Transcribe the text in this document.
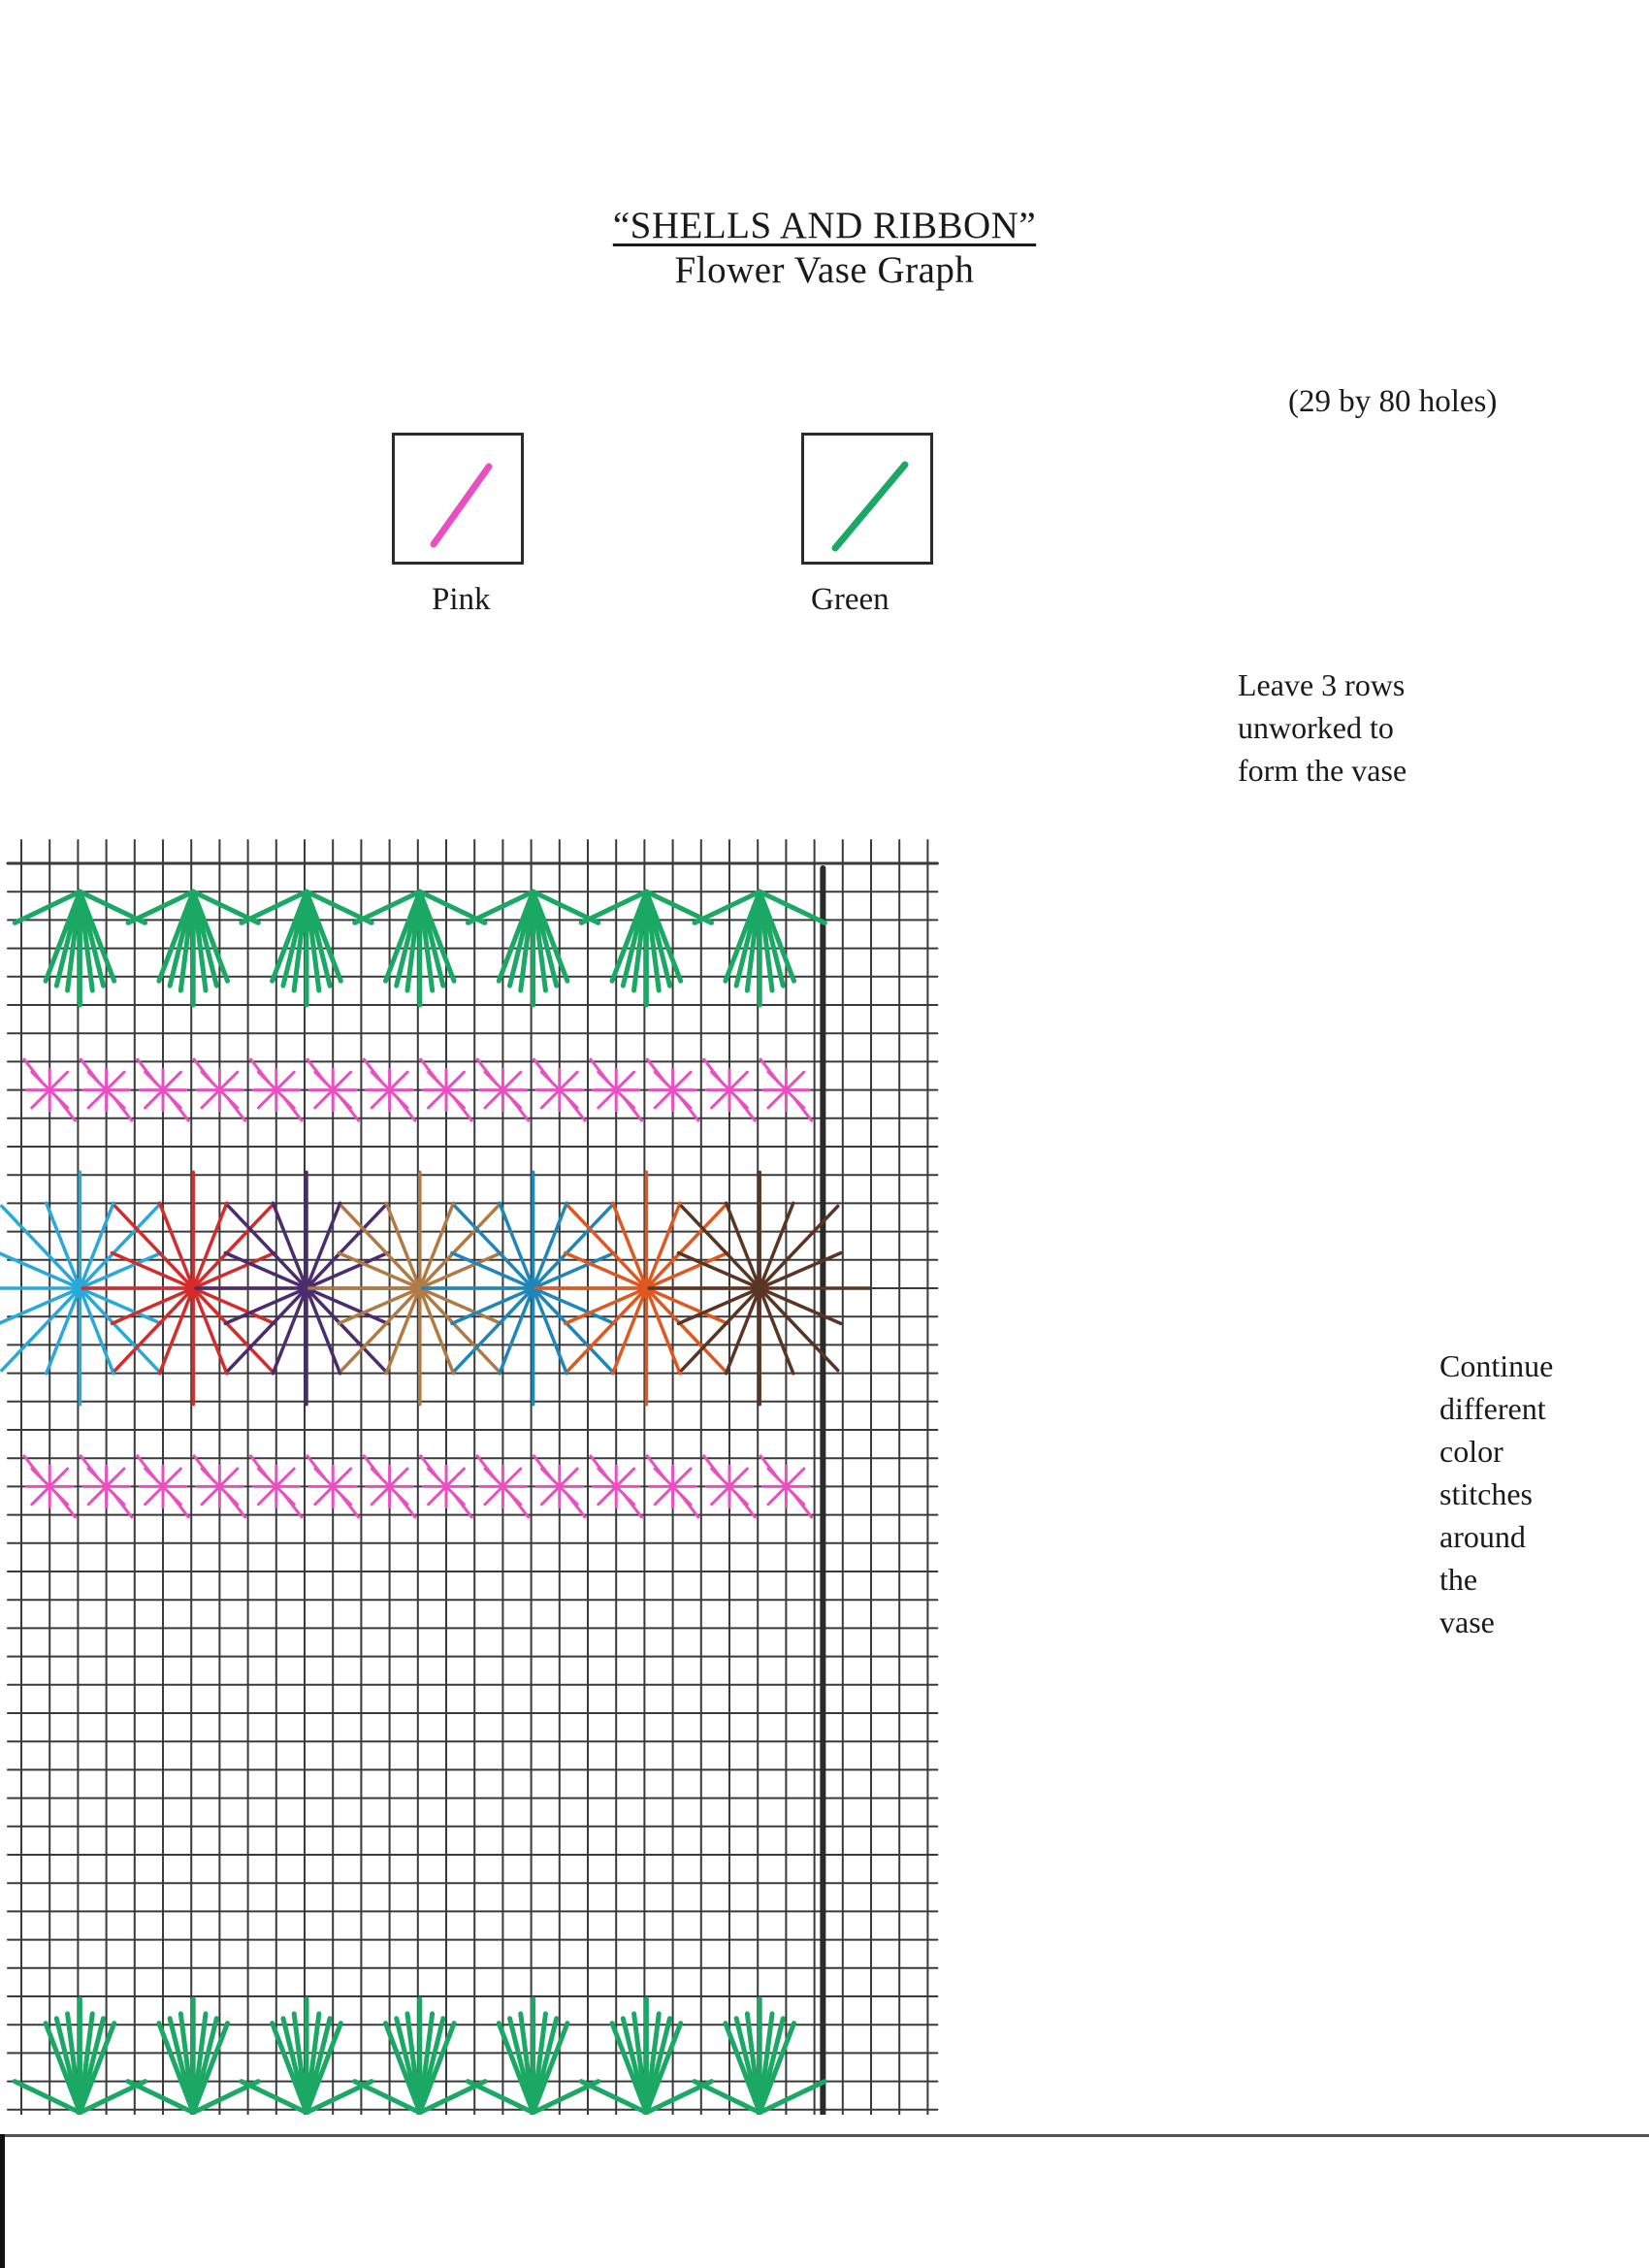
“SHELLS AND RIBBON”
Flower Vase Graph
(29 by 80 holes)
Pink	Green
Leave 3 rows
unworked to
form the vase
Continue
different
color
stitches
around
the
vase
